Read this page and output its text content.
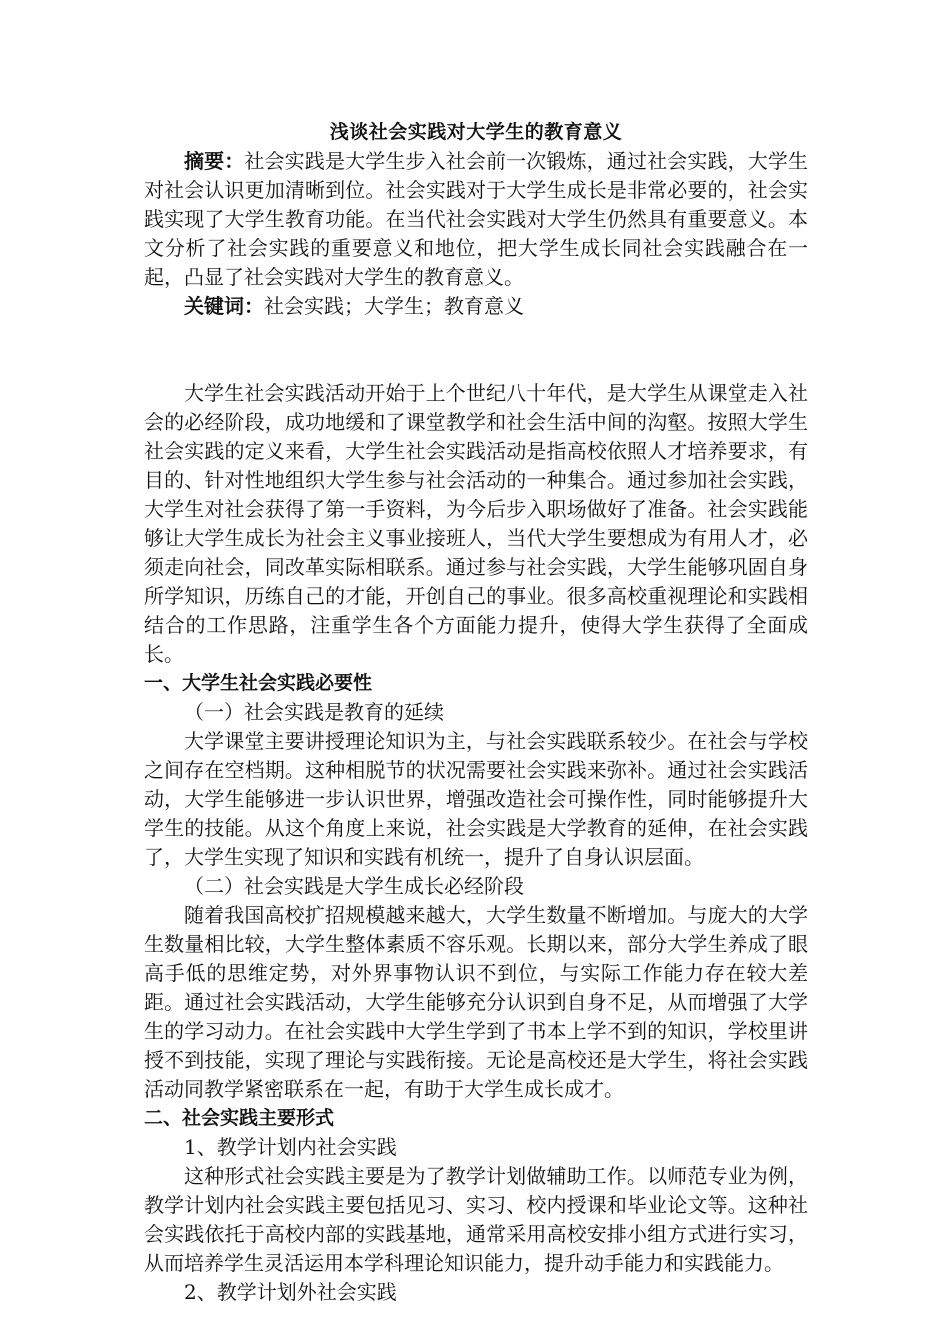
浅谈社会实践对大学生的教育意义

摘要：社会实践是大学生步入社会前一次锻炼，通过社会实践，大学生对社会认识更加清晰到位。社会实践对于大学生成长是非常必要的，社会实践实现了大学生教育功能。在当代社会实践对大学生仍然具有重要意义。本文分析了社会实践的重要意义和地位，把大学生成长同社会实践融合在一起，凸显了社会实践对大学生的教育意义。

关键词：社会实践；大学生；教育意义

大学生社会实践活动开始于上个世纪八十年代，是大学生从课堂走入社会的必经阶段，成功地缓和了课堂教学和社会生活中间的沟壑。按照大学生社会实践的定义来看，大学生社会实践活动是指高校依照人才培养要求，有目的、针对性地组织大学生参与社会活动的一种集合。通过参加社会实践，大学生对社会获得了第一手资料，为今后步入职场做好了准备。社会实践能够让大学生成长为社会主义事业接班人，当代大学生要想成为有用人才，必须走向社会，同改革实际相联系。通过参与社会实践，大学生能够巩固自身所学知识，历练自己的才能，开创自己的事业。很多高校重视理论和实践相结合的工作思路，注重学生各个方面能力提升，使得大学生获得了全面成长。

一、大学生社会实践必要性

（一）社会实践是教育的延续

大学课堂主要讲授理论知识为主，与社会实践联系较少。在社会与学校之间存在空档期。这种相脱节的状况需要社会实践来弥补。通过社会实践活动，大学生能够进一步认识世界，增强改造社会可操作性，同时能够提升大学生的技能。从这个角度上来说，社会实践是大学教育的延伸，在社会实践了，大学生实现了知识和实践有机统一，提升了自身认识层面。

（二）社会实践是大学生成长必经阶段

随着我国高校扩招规模越来越大，大学生数量不断增加。与庞大的大学生数量相比较，大学生整体素质不容乐观。长期以来，部分大学生养成了眼高手低的思维定势，对外界事物认识不到位，与实际工作能力存在较大差距。通过社会实践活动，大学生能够充分认识到自身不足，从而增强了大学生的学习动力。在社会实践中大学生学到了书本上学不到的知识，学校里讲授不到技能，实现了理论与实践衔接。无论是高校还是大学生，将社会实践活动同教学紧密联系在一起，有助于大学生成长成才。

二、社会实践主要形式

1、教学计划内社会实践

这种形式社会实践主要是为了教学计划做辅助工作。以师范专业为例，教学计划内社会实践主要包括见习、实习、校内授课和毕业论文等。这种社会实践依托于高校内部的实践基地，通常采用高校安排小组方式进行实习，从而培养学生灵活运用本学科理论知识能力，提升动手能力和实践能力。

2、教学计划外社会实践
